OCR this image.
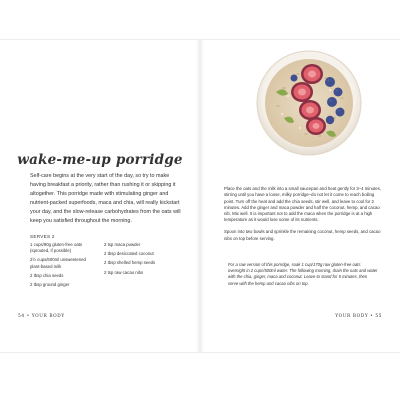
wake-me-up porridge
Self-care begins at the very start of the day, so try to make having breakfast a priority, rather than rushing it or skipping it altogether. This porridge made with stimulating ginger and nutrient-packed superfoods, maca and chia, will really kickstart your day, and the slow-release carbohydrates from the oats will keep you satisfied throughout the morning.
SERVES 2
1 cups/90g gluten-free oats (sprouted, if possible)
2½ cups/600ml unsweetened plant-based milk
2 tbsp chia seeds
2 tbsp ground ginger
2 tsp maca powder
2 tbsp desiccated coconut
2 tbsp shelled hemp seeds
2 tsp raw cacao nibs
54 • YOUR BODY

Place the oats and the milk into a small saucepan and heat gently for 3–4 minutes, stirring until you have a loose, milky porridge–do not let it come to reach boiling point. Turn off the heat and add the chia seeds, stir well, and leave to cool for 2 minutes. Add the ginger and maca powder and half the coconut, hemp, and cacao nib. Mix well. It is important not to add the maca when the porridge is at a high temperature as it would lose some of its nutrients.

Spoon into two bowls and sprinkle the remaining coconut, hemp seeds, and cacao nibs on top before serving.

For a raw version of this porridge, soak 1 cup/170g raw gluten-free oats overnight in 2 cups/500ml water. The following morning, drain the oats and water with the chia, ginger, maca and coconut. Leave to stand for 5 minutes, then serve with the hemp and cacao nibs on top.

YOUR BODY • 55
